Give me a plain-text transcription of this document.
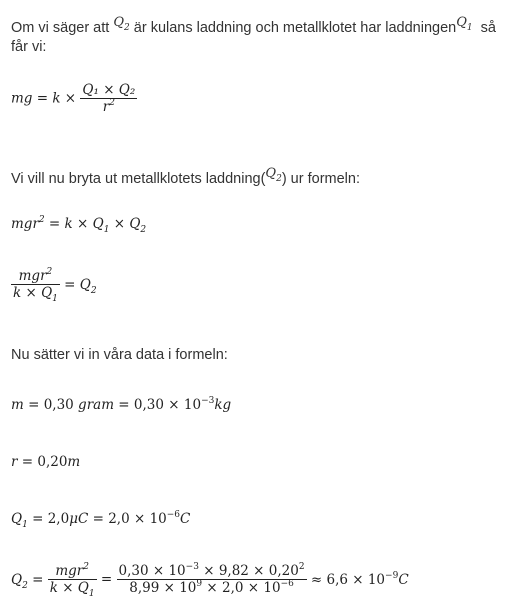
Om vi säger att $Q_2$ är kulans laddning och metallklotet har laddningenQ$_1$  så
får vi:
mg = $k \times \frac{\text{Q₁ × Q₂}}{r^2}$
Vi vill nu bryta ut metallklotets $laddning(Q_2)$ ur formeln:
$mgr^2 = k \times Q_1 \times Q_2$
$\frac{mgr^2}{k \times Q_1} = Q_2$
Nu sätter vi in våra data i formeln:
m = 0,30 gram = $0,30 \times 10^{-3}kg$
r = 0,20m
$Q_1 = 2,0\mu C = 2,0 \times 10^{-6}C$
$Q_2 = \frac{mgr^2}{k \times Q_1} = \frac{0,30 \times 10^{-3} \times 9,82 \times 0,20^2}{8,99 \times 10^9 \times 2,0 \times 10^{-6}} \approx 6,6 \times 10^{-9}C$
